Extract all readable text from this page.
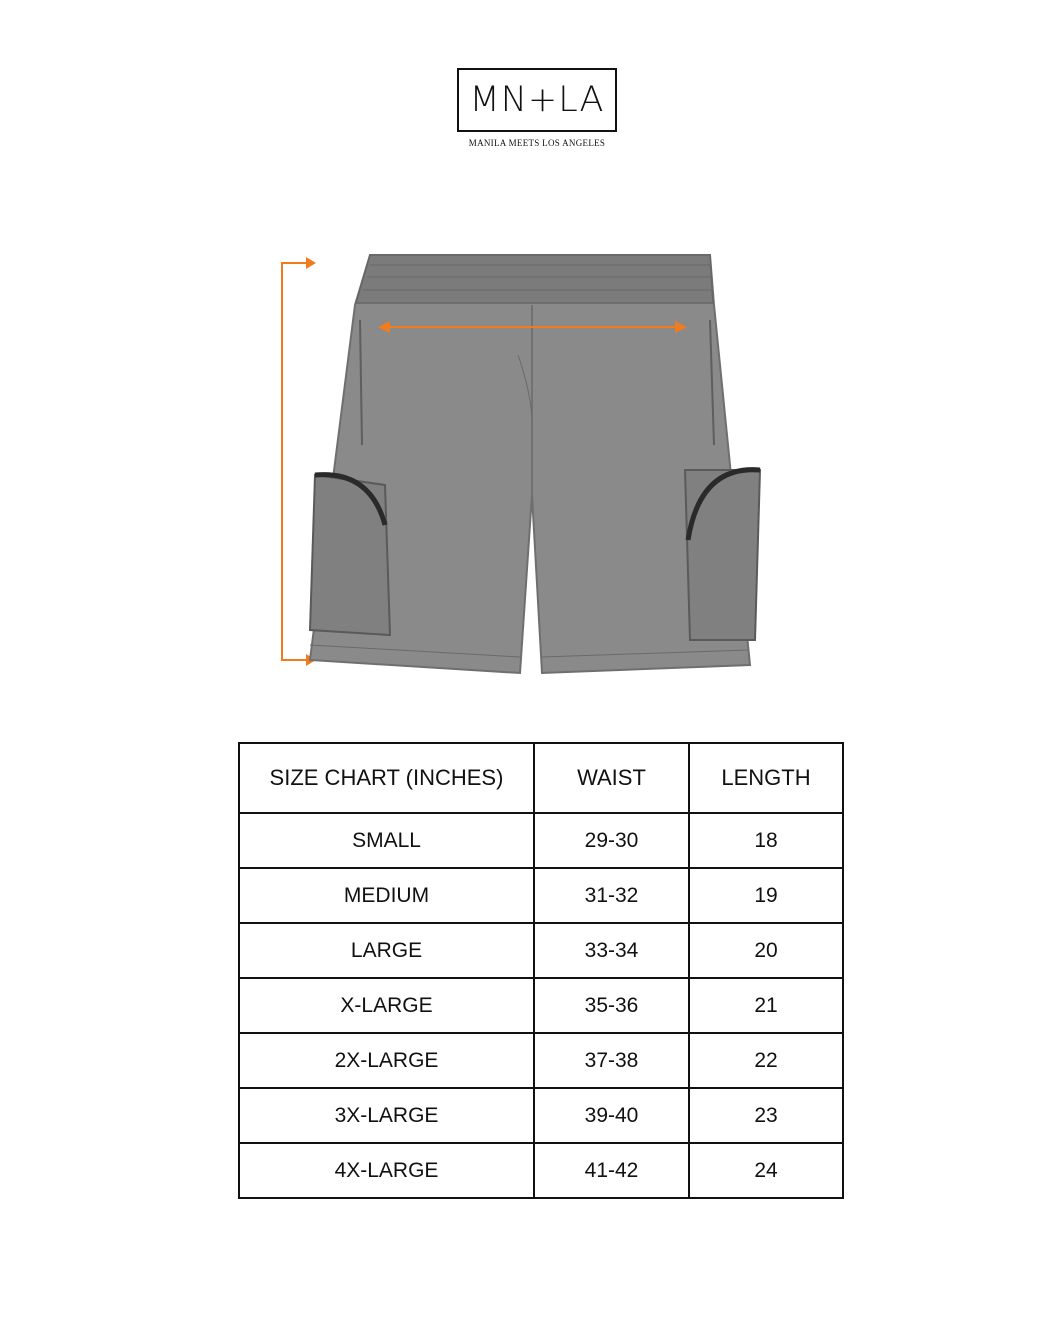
MN+LA
MANILA MEETS LOS ANGELES
SIZE CHART (INCHES)	WAIST	LENGTH
SMALL	29-30	18
MEDIUM	31-32	19
LARGE	33-34	20
X-LARGE	35-36	21
2X-LARGE	37-38	22
3X-LARGE	39-40	23
4X-LARGE	41-42	24
